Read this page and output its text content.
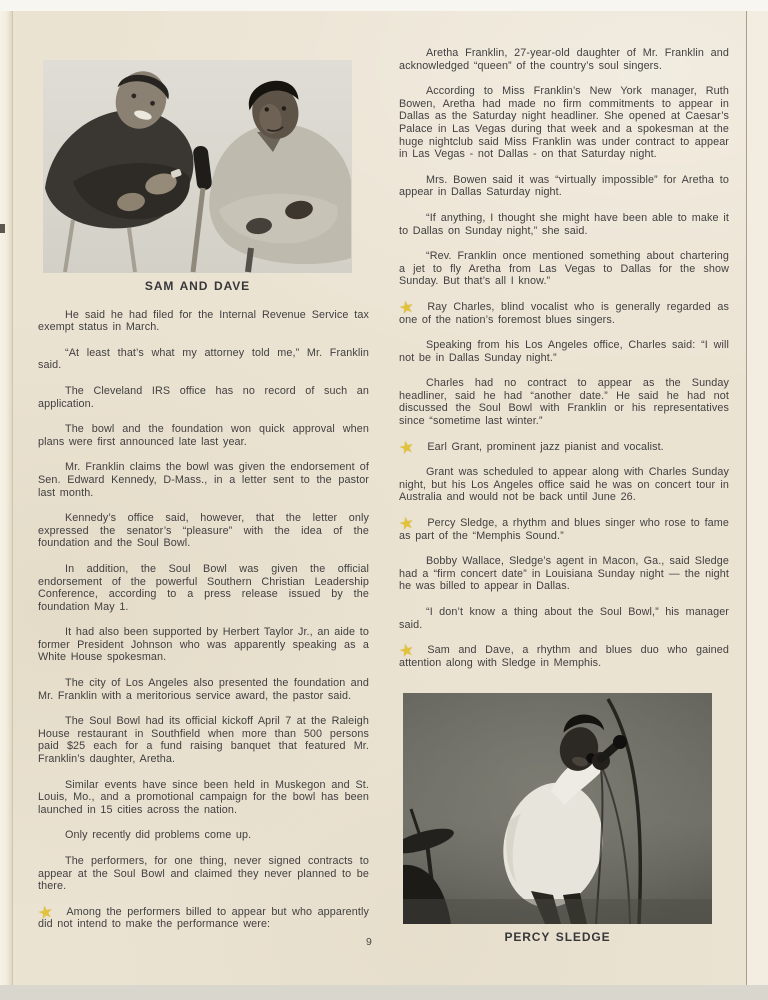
SAM AND DAVE

He said he had filed for the Internal Revenue Service tax exempt status in March.

“At least that’s what my attorney told me,” Mr. Franklin said.

The Cleveland IRS office has no record of such an application.

The bowl and the foundation won quick approval when plans were first announced late last year.

Mr. Franklin claims the bowl was given the endorsement of Sen. Edward Kennedy, D-Mass., in a letter sent to the pastor last month.

Kennedy’s office said, however, that the letter only expressed the senator’s “pleasure” with the idea of the foundation and the Soul Bowl.

In addition, the Soul Bowl was given the official endorsement of the powerful Southern Christian Leadership Conference, according to a press release issued by the foundation May 1.

It had also been supported by Herbert Taylor Jr., an aide to former President Johnson who was apparently speaking as a White House spokesman.

The city of Los Angeles also presented the foundation and Mr. Franklin with a meritorious service award, the pastor said.

The Soul Bowl had its official kickoff April 7 at the Raleigh House restaurant in Southfield when more than 500 persons paid $25 each for a fund raising banquet that featured Mr. Franklin’s daughter, Aretha.

Similar events have since been held in Muskegon and St. Louis, Mo., and a promotional campaign for the bowl has been launched in 15 cities across the nation.

Only recently did problems come up.

The performers, for one thing, never signed contracts to appear at the Soul Bowl and claimed they never planned to be there.

★ Among the performers billed to appear but who apparently did not intend to make the performance were:

Aretha Franklin, 27-year-old daughter of Mr. Franklin and acknowledged “queen” of the country’s soul singers.

According to Miss Franklin’s New York manager, Ruth Bowen, Aretha had made no firm commitments to appear in Dallas as the Saturday night headliner. She opened at Caesar’s Palace in Las Vegas during that week and a spokesman at the huge nightclub said Miss Franklin was under contract to appear in Las Vegas - not Dallas - on that Saturday night.

Mrs. Bowen said it was “virtually impossible” for Aretha to appear in Dallas Saturday night.

“If anything, I thought she might have been able to make it to Dallas on Sunday night,” she said.

“Rev. Franklin once mentioned something about chartering a jet to fly Aretha from Las Vegas to Dallas for the show Sunday. But that’s all I know.”

★ Ray Charles, blind vocalist who is generally regarded as one of the nation’s foremost blues singers.

Speaking from his Los Angeles office, Charles said: “I will not be in Dallas Sunday night.”

Charles had no contract to appear as the Sunday headliner, said he had “another date.” He said he had not discussed the Soul Bowl with Franklin or his representatives since “sometime last winter.”

★ Earl Grant, prominent jazz pianist and vocalist.

Grant was scheduled to appear along with Charles Sunday night, but his Los Angeles office said he was on concert tour in Australia and would not be back until June 26.

★ Percy Sledge, a rhythm and blues singer who rose to fame as part of the “Memphis Sound.”

Bobby Wallace, Sledge’s agent in Macon, Ga., said Sledge had a “firm concert date” in Louisiana Sunday night — the night he was billed to appear in Dallas.

“I don’t know a thing about the Soul Bowl,” his manager said.

★ Sam and Dave, a rhythm and blues duo who gained attention along with Sledge in Memphis.

PERCY SLEDGE
9
